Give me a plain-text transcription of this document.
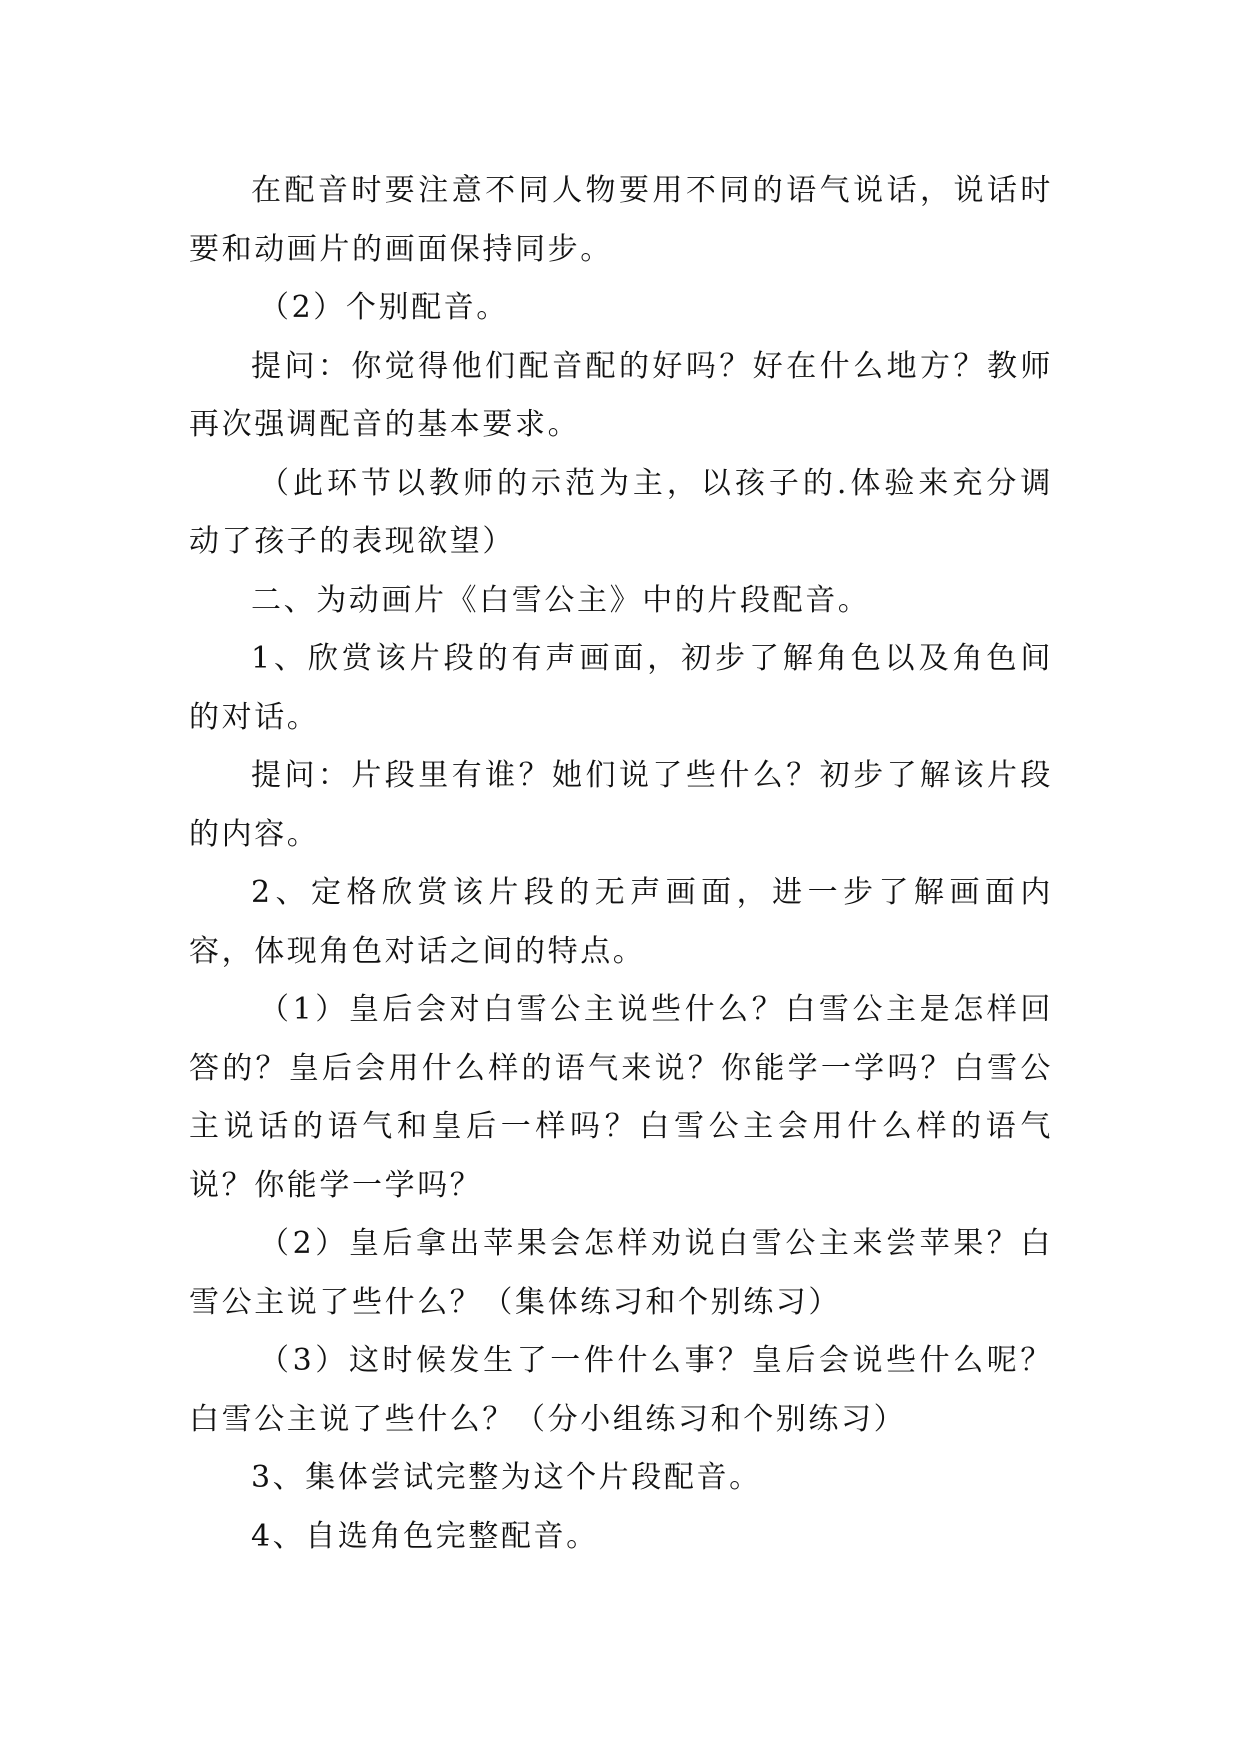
在配音时要注意不同人物要用不同的语气说话，说话时要和动画片的画面保持同步。

（2）个别配音。

提问：你觉得他们配音配的好吗？好在什么地方？教师再次强调配音的基本要求。

（此环节以教师的示范为主，以孩子的.体验来充分调动了孩子的表现欲望）

二、为动画片《白雪公主》中的片段配音。

1、欣赏该片段的有声画面，初步了解角色以及角色间的对话。

提问：片段里有谁？她们说了些什么？初步了解该片段的内容。

2、定格欣赏该片段的无声画面，进一步了解画面内容，体现角色对话之间的特点。

（1）皇后会对白雪公主说些什么？白雪公主是怎样回答的？皇后会用什么样的语气来说？你能学一学吗？白雪公主说话的语气和皇后一样吗？白雪公主会用什么样的语气说？你能学一学吗？

（2）皇后拿出苹果会怎样劝说白雪公主来尝苹果？白雪公主说了些什么？（集体练习和个别练习）

（3）这时候发生了一件什么事？皇后会说些什么呢？白雪公主说了些什么？（分小组练习和个别练习）

3、集体尝试完整为这个片段配音。

4、自选角色完整配音。
